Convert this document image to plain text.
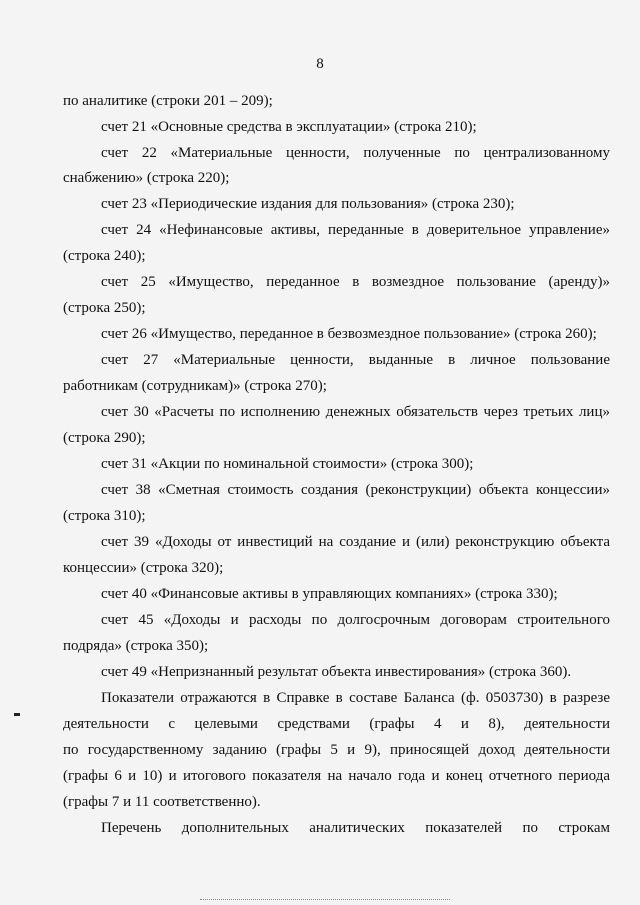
8
по аналитике (строки 201 – 209);
счет 21 «Основные средства в эксплуатации» (строка 210);
счет 22 «Материальные ценности, полученные по централизованному
снабжению» (строка 220);
счет 23 «Периодические издания для пользования» (строка 230);
счет 24 «Нефинансовые активы, переданные в доверительное управление»
(строка 240);
счет 25 «Имущество, переданное в возмездное пользование (аренду)»
(строка 250);
счет 26 «Имущество, переданное в безвозмездное пользование» (строка 260);
счет 27 «Материальные ценности, выданные в личное пользование
работникам (сотрудникам)» (строка 270);
счет 30 «Расчеты по исполнению денежных обязательств через третьих лиц»
(строка 290);
счет 31 «Акции по номинальной стоимости» (строка 300);
счет 38 «Сметная стоимость создания (реконструкции) объекта концессии»
(строка 310);
счет 39 «Доходы от инвестиций на создание и (или) реконструкцию объекта
концессии» (строка 320);
счет 40 «Финансовые активы в управляющих компаниях» (строка 330);
счет 45 «Доходы и расходы по долгосрочным договорам строительного
подряда» (строка 350);
счет 49 «Непризнанный результат объекта инвестирования» (строка 360).
Показатели отражаются в Справке в составе Баланса (ф. 0503730) в разрезе
деятельности с целевыми средствами (графы 4 и 8), деятельности
по государственному заданию (графы 5 и 9), приносящей доход деятельности
(графы 6 и 10) и итогового показателя на начало года и конец отчетного периода
(графы 7 и 11 соответственно).
Перечень дополнительных аналитических показателей по строкам
